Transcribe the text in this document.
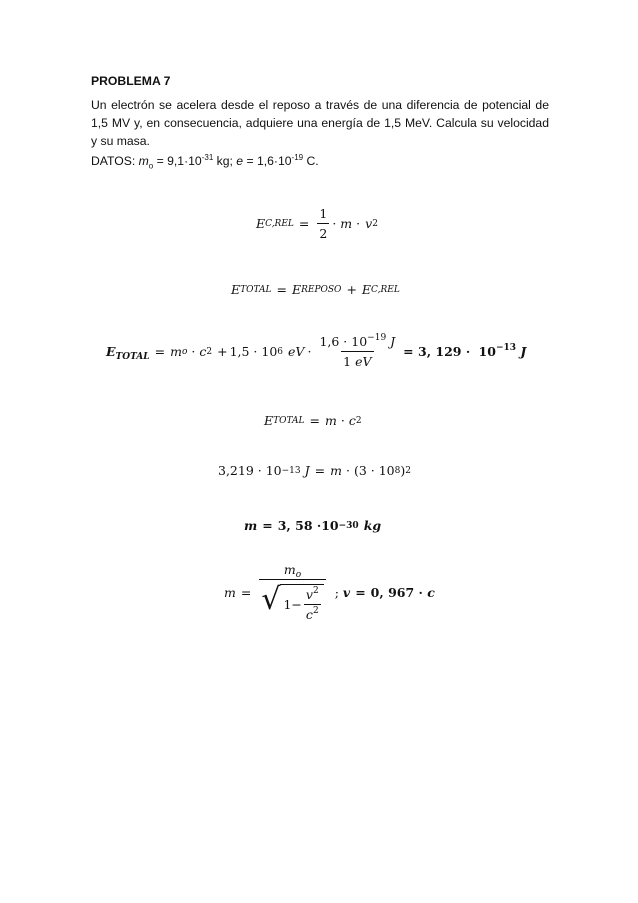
PROBLEMA 7
Un electrón se acelera desde el reposo a través de una diferencia de potencial de 1,5 MV y, en consecuencia, adquiere una energía de 1,5 MeV. Calcula su velocidad y su masa.
DATOS: $m_o = 9,1\cdot 10^{-31}$ kg; $e = 1,6\cdot 10^{-19}$ C.
E $C,REL = \frac{1}{2} \cdot m \cdot v$ 2
E TOTAL = E REPOSO + E C,REL
$E_{TOTAL} = m$ o · c 2 + 1,5 · 10 6 eV · $\frac{1,6 \cdot 10^{-19} J}{1 eV} = 3$, $129 \cdot 10^{-13}$ J
E TOTAL = m · c 2
3,219 · 10 −13 J = m · (3 · 10 8 ) 2
m = 3, 58 · 10 −30 kg
m =
$m_o$
√ $1- \frac{v^2}{c^2}$ ; v = 0, 967 · c
